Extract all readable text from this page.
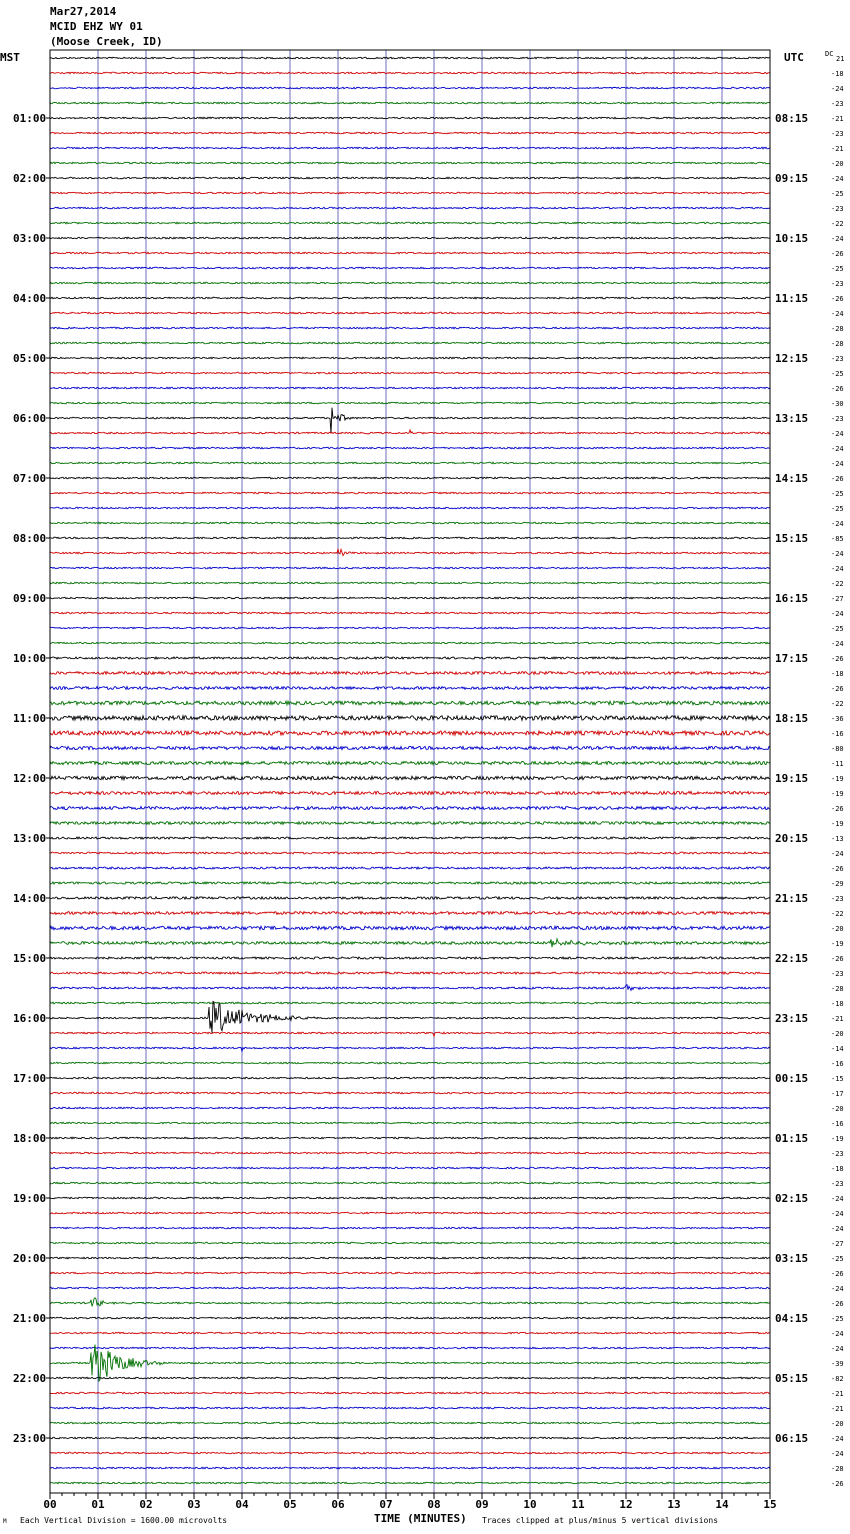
Mar27,2014
MCID EHZ WY 01
(Moose Creek, ID)
MST	UTC
01:00
02:00
03:00
04:00
05:00
06:00
07:00
08:00
09:00
10:00
11:00
12:00
13:00
14:00
15:00
16:00
17:00
18:00
19:00
20:00
21:00
22:00
23:00
08:15
09:15
10:15
11:15
12:15
13:15
14:15
15:15
16:15
17:15
18:15
19:15
20:15
21:15
22:15
23:15
00:15
01:15
02:15
03:15
04:15
05:15
06:15
DC
21
-18
-24
-23
-21
-23
-21
-20
-24
-25
-23
-22
-24
-26
-25
-23
-26
-24
-28
-28
-23
-25
-26
-30
-23
-24
-24
-24
-26
-25
-25
-24
-85
-24
-24
-22
-27
-24
-25
-24
-26
-18
-26
-22
-36
-16
-80
-11
-19
-19
-26
-19
-13
-24
-26
-29
-23
-22
-20
-19
-26
-23
-28
-18
-21
-20
-14
-16
-15
-17
-20
-16
-19
-23
-18
-23
-24
-24
-24
-27
-25
-26
-24
-26
-25
-24
-24
-39
-82
-21
-21
-20
-24
-24
-28
-26
00	01	02	03	04	05	06	07	08	09	10	11	12	13	14	15
TIME (MINUTES)
Each Vertical Division = 1600.00 microvolts	Traces clipped at plus/minus 5 vertical divisions
M
